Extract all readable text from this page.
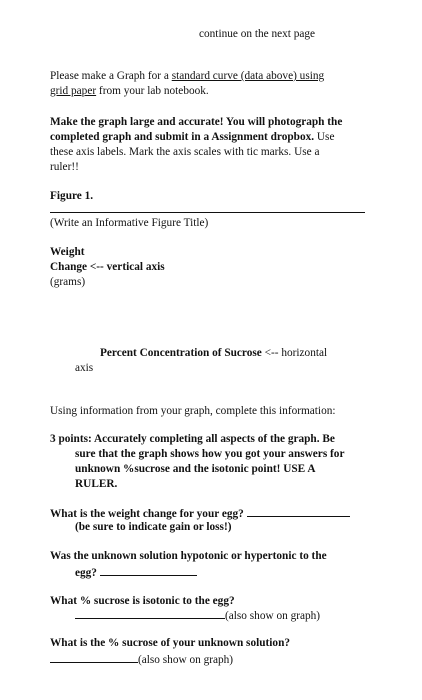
continue on the next page
Please make a Graph for a standard curve (data above) using
grid paper from your lab notebook.
Make the graph large and accurate! You will photograph the
completed graph and submit in a Assignment dropbox. Use
these axis labels. Mark the axis scales with tic marks. Use a
ruler!!
Figure 1.
(Write an Informative Figure Title)
Weight
Change <-- vertical axis
(grams)
Percent Concentration of Sucrose <-- horizontal
axis
Using information from your graph, complete this information:
3 points: Accurately completing all aspects of the graph. Be
sure that the graph shows how you got your answers for
unknown %sucrose and the isotonic point! USE A
RULER.
What is the weight change for your egg?
(be sure to indicate gain or loss!)
Was the unknown solution hypotonic or hypertonic to the
egg?
What % sucrose is isotonic to the egg?
(also show on graph)
What is the % sucrose of your unknown solution?
(also show on graph)
